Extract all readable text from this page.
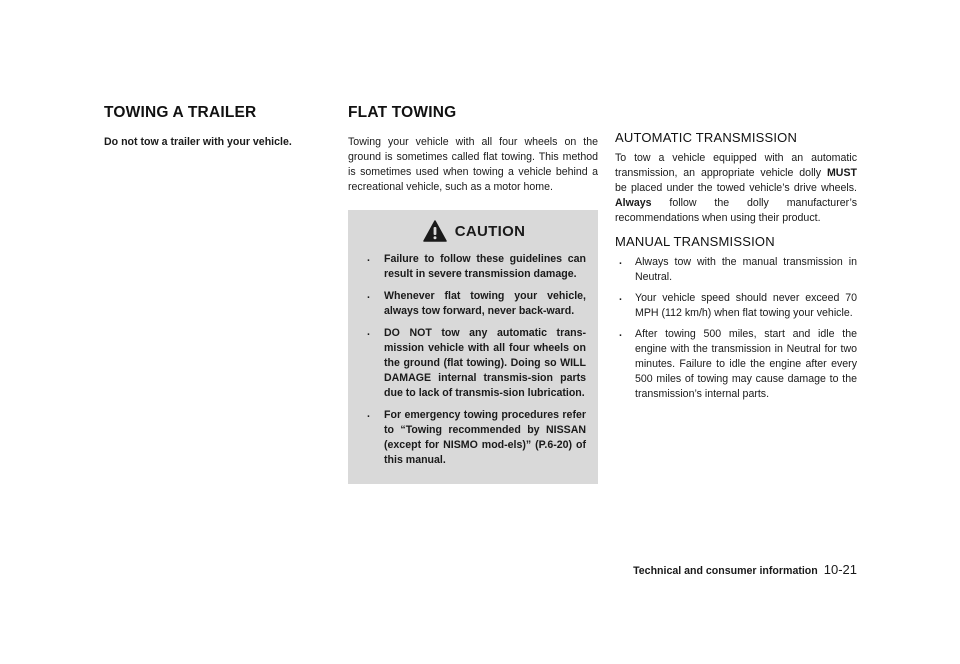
TOWING A TRAILER

Do not tow a trailer with your vehicle.

FLAT TOWING

Towing your vehicle with all four wheels on the ground is sometimes called flat towing. This method is sometimes used when towing a vehicle behind a recreational vehicle, such as a motor home.

CAUTION
. Failure to follow these guidelines can result in severe transmission damage.
. Whenever flat towing your vehicle, always tow forward, never back-ward.
. DO NOT tow any automatic trans-mission vehicle with all four wheels on the ground (flat towing). Doing so WILL DAMAGE internal transmis-sion parts due to lack of transmis-sion lubrication.
. For emergency towing procedures refer to “Towing recommended by NISSAN (except for NISMO mod-els)” (P.6-20) of this manual.
AUTOMATIC TRANSMISSION

To tow a vehicle equipped with an automatic transmission, an appropriate vehicle dolly MUST be placed under the towed vehicle’s drive wheels. Always follow the dolly manufacturer’s recommendations when using their product.

MANUAL TRANSMISSION
. Always tow with the manual transmission in Neutral.
. Your vehicle speed should never exceed 70 MPH (112 km/h) when flat towing your vehicle.
. After towing 500 miles, start and idle the engine with the transmission in Neutral for two minutes. Failure to idle the engine after every 500 miles of towing may cause damage to the transmission’s internal parts.
Technical and consumer information 10-21
